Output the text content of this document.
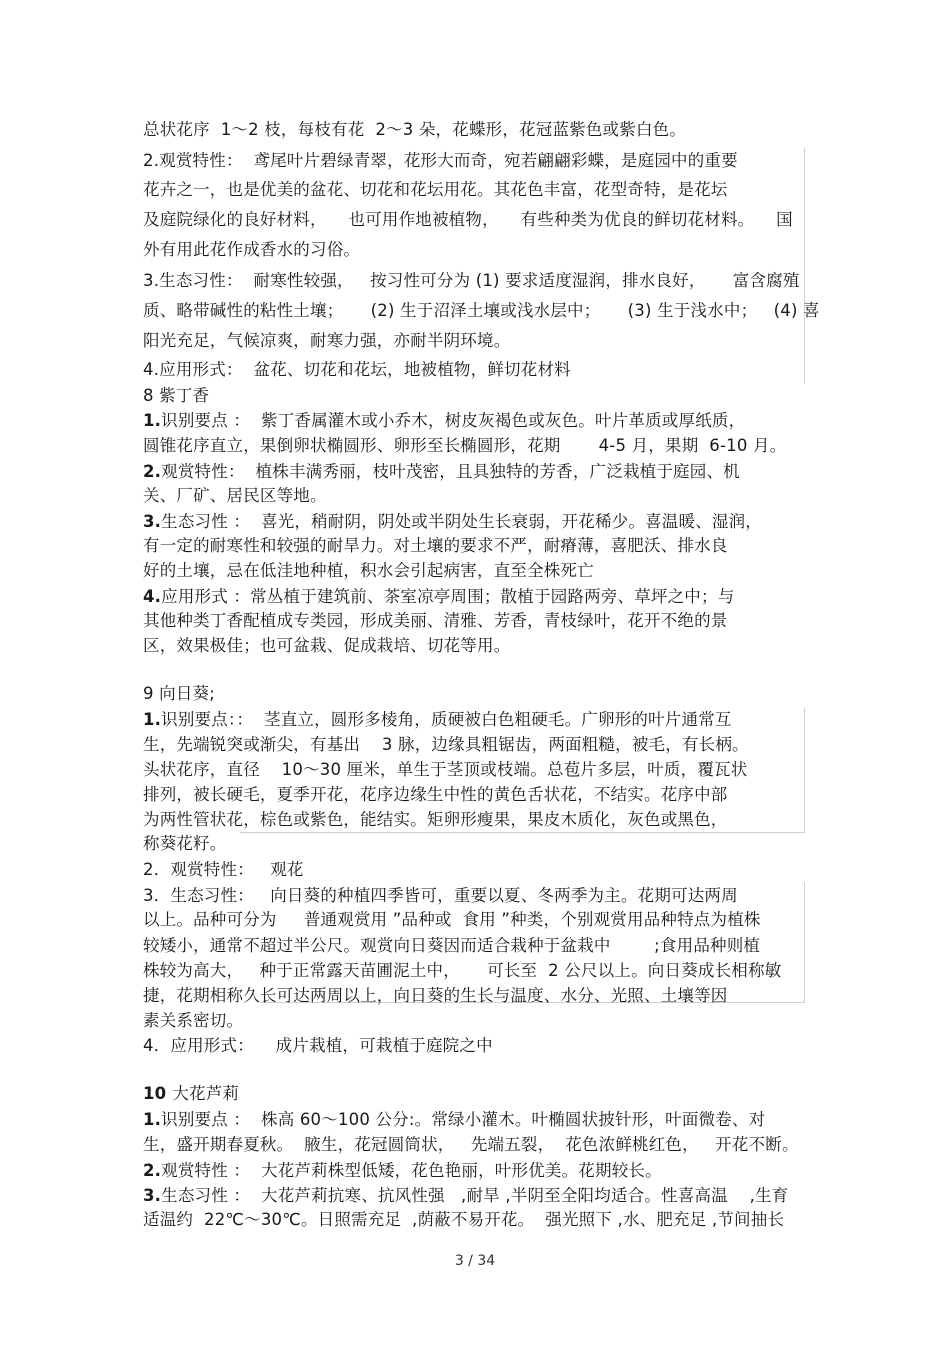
总状花序  1～2 枝，每枝有花  2～3 朵，花蝶形，花冠蓝紫色或紫白色。
2.观赏特性：  鸢尾叶片碧绿青翠，花形大而奇，宛若翩翩彩蝶，是庭园中的重要
花卉之一，也是优美的盆花、切花和花坛用花。其花色丰富，花型奇特，是花坛
及庭院绿化的良好材料，    也可用作地被植物，    有些种类为优良的鲜切花材料。    国
外有用此花作成香水的习俗。
3.生态习性：  耐寒性较强，   按习性可分为 (1) 要求适度湿润，排水良好，     富含腐殖
质、略带碱性的粘性土壤；     (2) 生于沼泽土壤或浅水层中；     (3) 生于浅水中；   (4) 喜
阳光充足，气候凉爽，耐寒力强，亦耐半阴环境。
4.应用形式：  盆花、切花和花坛，地被植物，鲜切花材料
8 紫丁香
1.识别要点 ：  紫丁香属灌木或小乔木，树皮灰褐色或灰色。叶片革质或厚纸质，
圆锥花序直立，果倒卵状椭圆形、卵形至长椭圆形，花期       4-5 月，果期  6-10 月。
2.观赏特性：  植株丰满秀丽，枝叶茂密，且具独特的芳香，广泛栽植于庭园、机
关、厂矿、居民区等地。
3.生态习性 ：  喜光，稍耐阴，阴处或半阴处生长衰弱，开花稀少。喜温暖、湿润，
有一定的耐寒性和较强的耐旱力。对土壤的要求不严，耐瘠薄，喜肥沃、排水良
好的土壤，忌在低洼地种植，积水会引起病害，直至全株死亡
4.应用形式 ：常丛植于建筑前、茶室凉亭周围；散植于园路两旁、草坪之中；与
其他种类丁香配植成专类园，形成美丽、清雅、芳香，青枝绿叶，花开不绝的景
区，效果极佳；也可盆栽、促成栽培、切花等用。
9 向日葵;
1.识别要点：：  茎直立，圆形多棱角，质硬被白色粗硬毛。广卵形的叶片通常互
生，先端锐突或渐尖，有基出    3 脉，边缘具粗锯齿，两面粗糙，被毛，有长柄。
头状花序，直径    10～30 厘米，单生于茎顶或枝端。总苞片多层，叶质，覆瓦状
排列，被长硬毛，夏季开花，花序边缘生中性的黄色舌状花，不结实。花序中部
为两性管状花，棕色或紫色，能结实。矩卵形瘦果，果皮木质化，灰色或黑色，
称葵花籽。
2．观赏特性：   观花
3．生态习性：   向日葵的种植四季皆可，重要以夏、冬两季为主。花期可达两周
以上。品种可分为     普通观赏用 ”品种或  食用 ”种类，个别观赏用品种特点为植株
较矮小，通常不超过半公尺。观赏向日葵因而适合栽种于盆栽中        ;食用品种则植
株较为高大，   种于正常露天苗圃泥土中，     可长至  2 公尺以上。向日葵成长相称敏
捷，花期相称久长可达两周以上，向日葵的生长与温度、水分、光照、土壤等因
素关系密切。
4．应用形式：    成片栽植，可栽植于庭院之中
10 大花芦莉
1.识别要点 ：  株高 60～100 公分:。常绿小灌木。叶椭圆状披针形，叶面微卷、对
生，盛开期春夏秋。  腋生，花冠圆筒状，   先端五裂，  花色浓鲜桃红色，   开花不断。
2.观赏特性 ：  大花芦莉株型低矮，花色艳丽，叶形优美。花期较长。
3.生态习性 ：  大花芦莉抗寒、抗风性强   ,耐旱 ,半阴至全阳均适合。性喜高温    ,生育
适温约  22℃～30℃。日照需充足  ,荫蔽不易开花。  强光照下 ,水、肥充足 ,节间抽长
3 / 34
